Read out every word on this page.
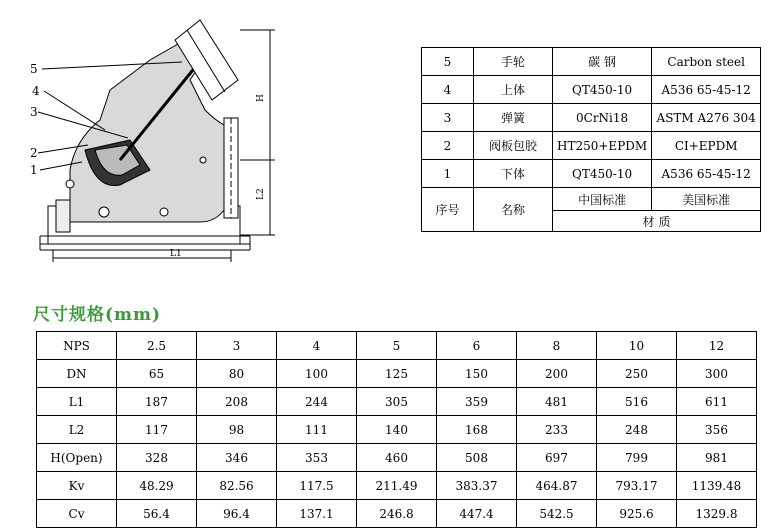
5
4
3
2
1
H
L2
L1
5	手轮	碳 钢	Carbon steel
4	上体	QT450-10	A536 65-45-12
3	弹簧	0CrNi18	ASTM A276 304
2	阀板包胶	HT250+EPDM	CI+EPDM
1	下体	QT450-10	A536 65-45-12
序号	名称	中国标准	美国标准
		材 质	
尺寸规格(mm)
NPS	2.5	3	4	5	6	8	10	12
DN	65	80	100	125	150	200	250	300
L1	187	208	244	305	359	481	516	611
L2	117	98	111	140	168	233	248	356
H(Open)	328	346	353	460	508	697	799	981
Kv	48.29	82.56	117.5	211.49	383.37	464.87	793.17	1139.48
Cv	56.4	96.4	137.1	246.8	447.4	542.5	925.6	1329.8
